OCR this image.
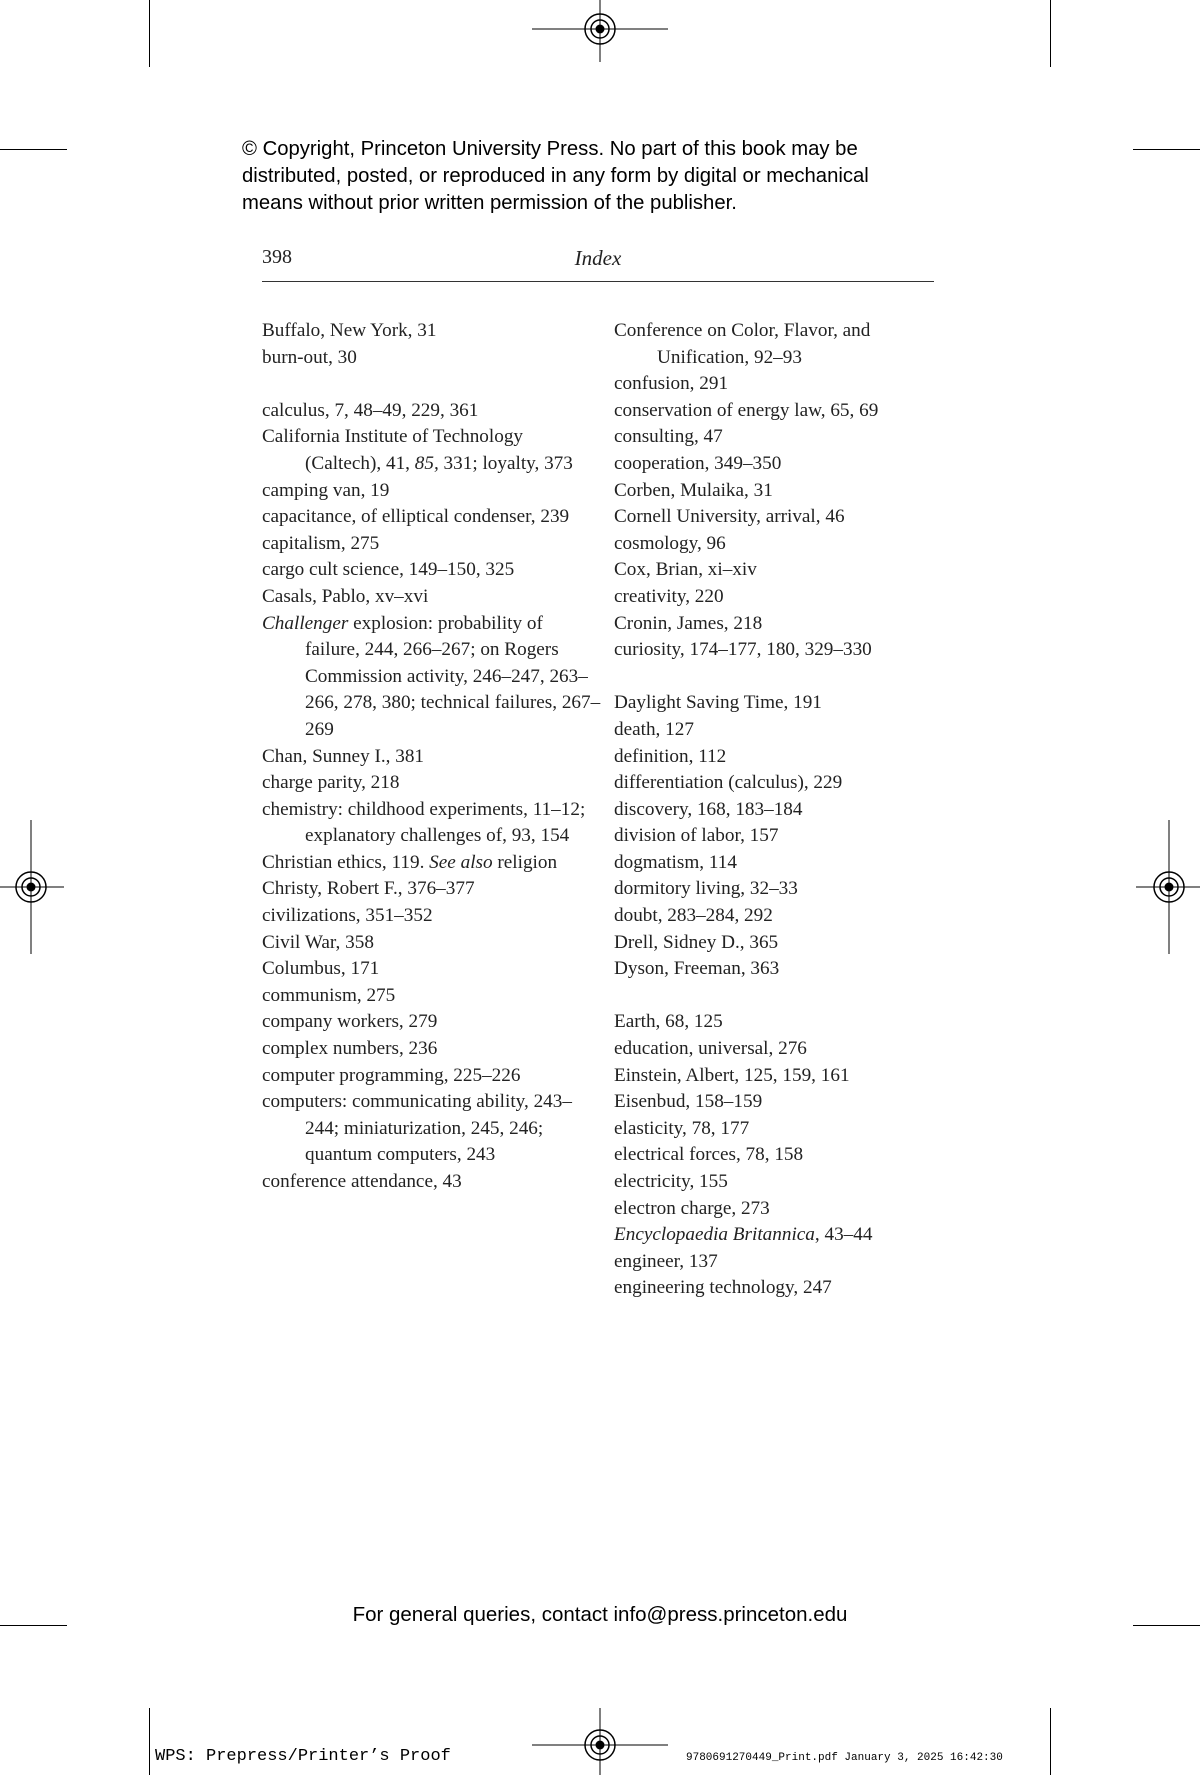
© Copyright, Princeton University Press. No part of this book may be
distributed, posted, or reproduced in any form by digital or mechanical
means without prior written permission of the publisher.
398	Index
Buffalo, New York, 31
burn-out, 30
calculus, 7, 48–49, 229, 361
California Institute of Technology (Caltech), 41, 85, 331; loyalty, 373
camping van, 19
capacitance, of elliptical condenser, 239
capitalism, 275
cargo cult science, 149–150, 325
Casals, Pablo, xv–xvi
Challenger explosion: probability of failure, 244, 266–267; on Rogers Commission activity, 246–247, 263–266, 278, 380; technical failures, 267–269
Chan, Sunney I., 381
charge parity, 218
chemistry: childhood experiments, 11–12; explanatory challenges of, 93, 154
Christian ethics, 119. See also religion
Christy, Robert F., 376–377
civilizations, 351–352
Civil War, 358
Columbus, 171
communism, 275
company workers, 279
complex numbers, 236
computer programming, 225–226
computers: communicating ability, 243–244; miniaturization, 245, 246; quantum computers, 243
conference attendance, 43
Conference on Color, Flavor, and Unification, 92–93
confusion, 291
conservation of energy law, 65, 69
consulting, 47
cooperation, 349–350
Corben, Mulaika, 31
Cornell University, arrival, 46
cosmology, 96
Cox, Brian, xi–xiv
creativity, 220
Cronin, James, 218
curiosity, 174–177, 180, 329–330
Daylight Saving Time, 191
death, 127
definition, 112
differentiation (calculus), 229
discovery, 168, 183–184
division of labor, 157
dogmatism, 114
dormitory living, 32–33
doubt, 283–284, 292
Drell, Sidney D., 365
Dyson, Freeman, 363
Earth, 68, 125
education, universal, 276
Einstein, Albert, 125, 159, 161
Eisenbud, 158–159
elasticity, 78, 177
electrical forces, 78, 158
electricity, 155
electron charge, 273
Encyclopaedia Britannica, 43–44
engineer, 137
engineering technology, 247
For general queries, contact info@press.princeton.edu
WPS: Prepress/Printer’s Proof	9780691270449_Print.pdf January 3, 2025 16:42:30
